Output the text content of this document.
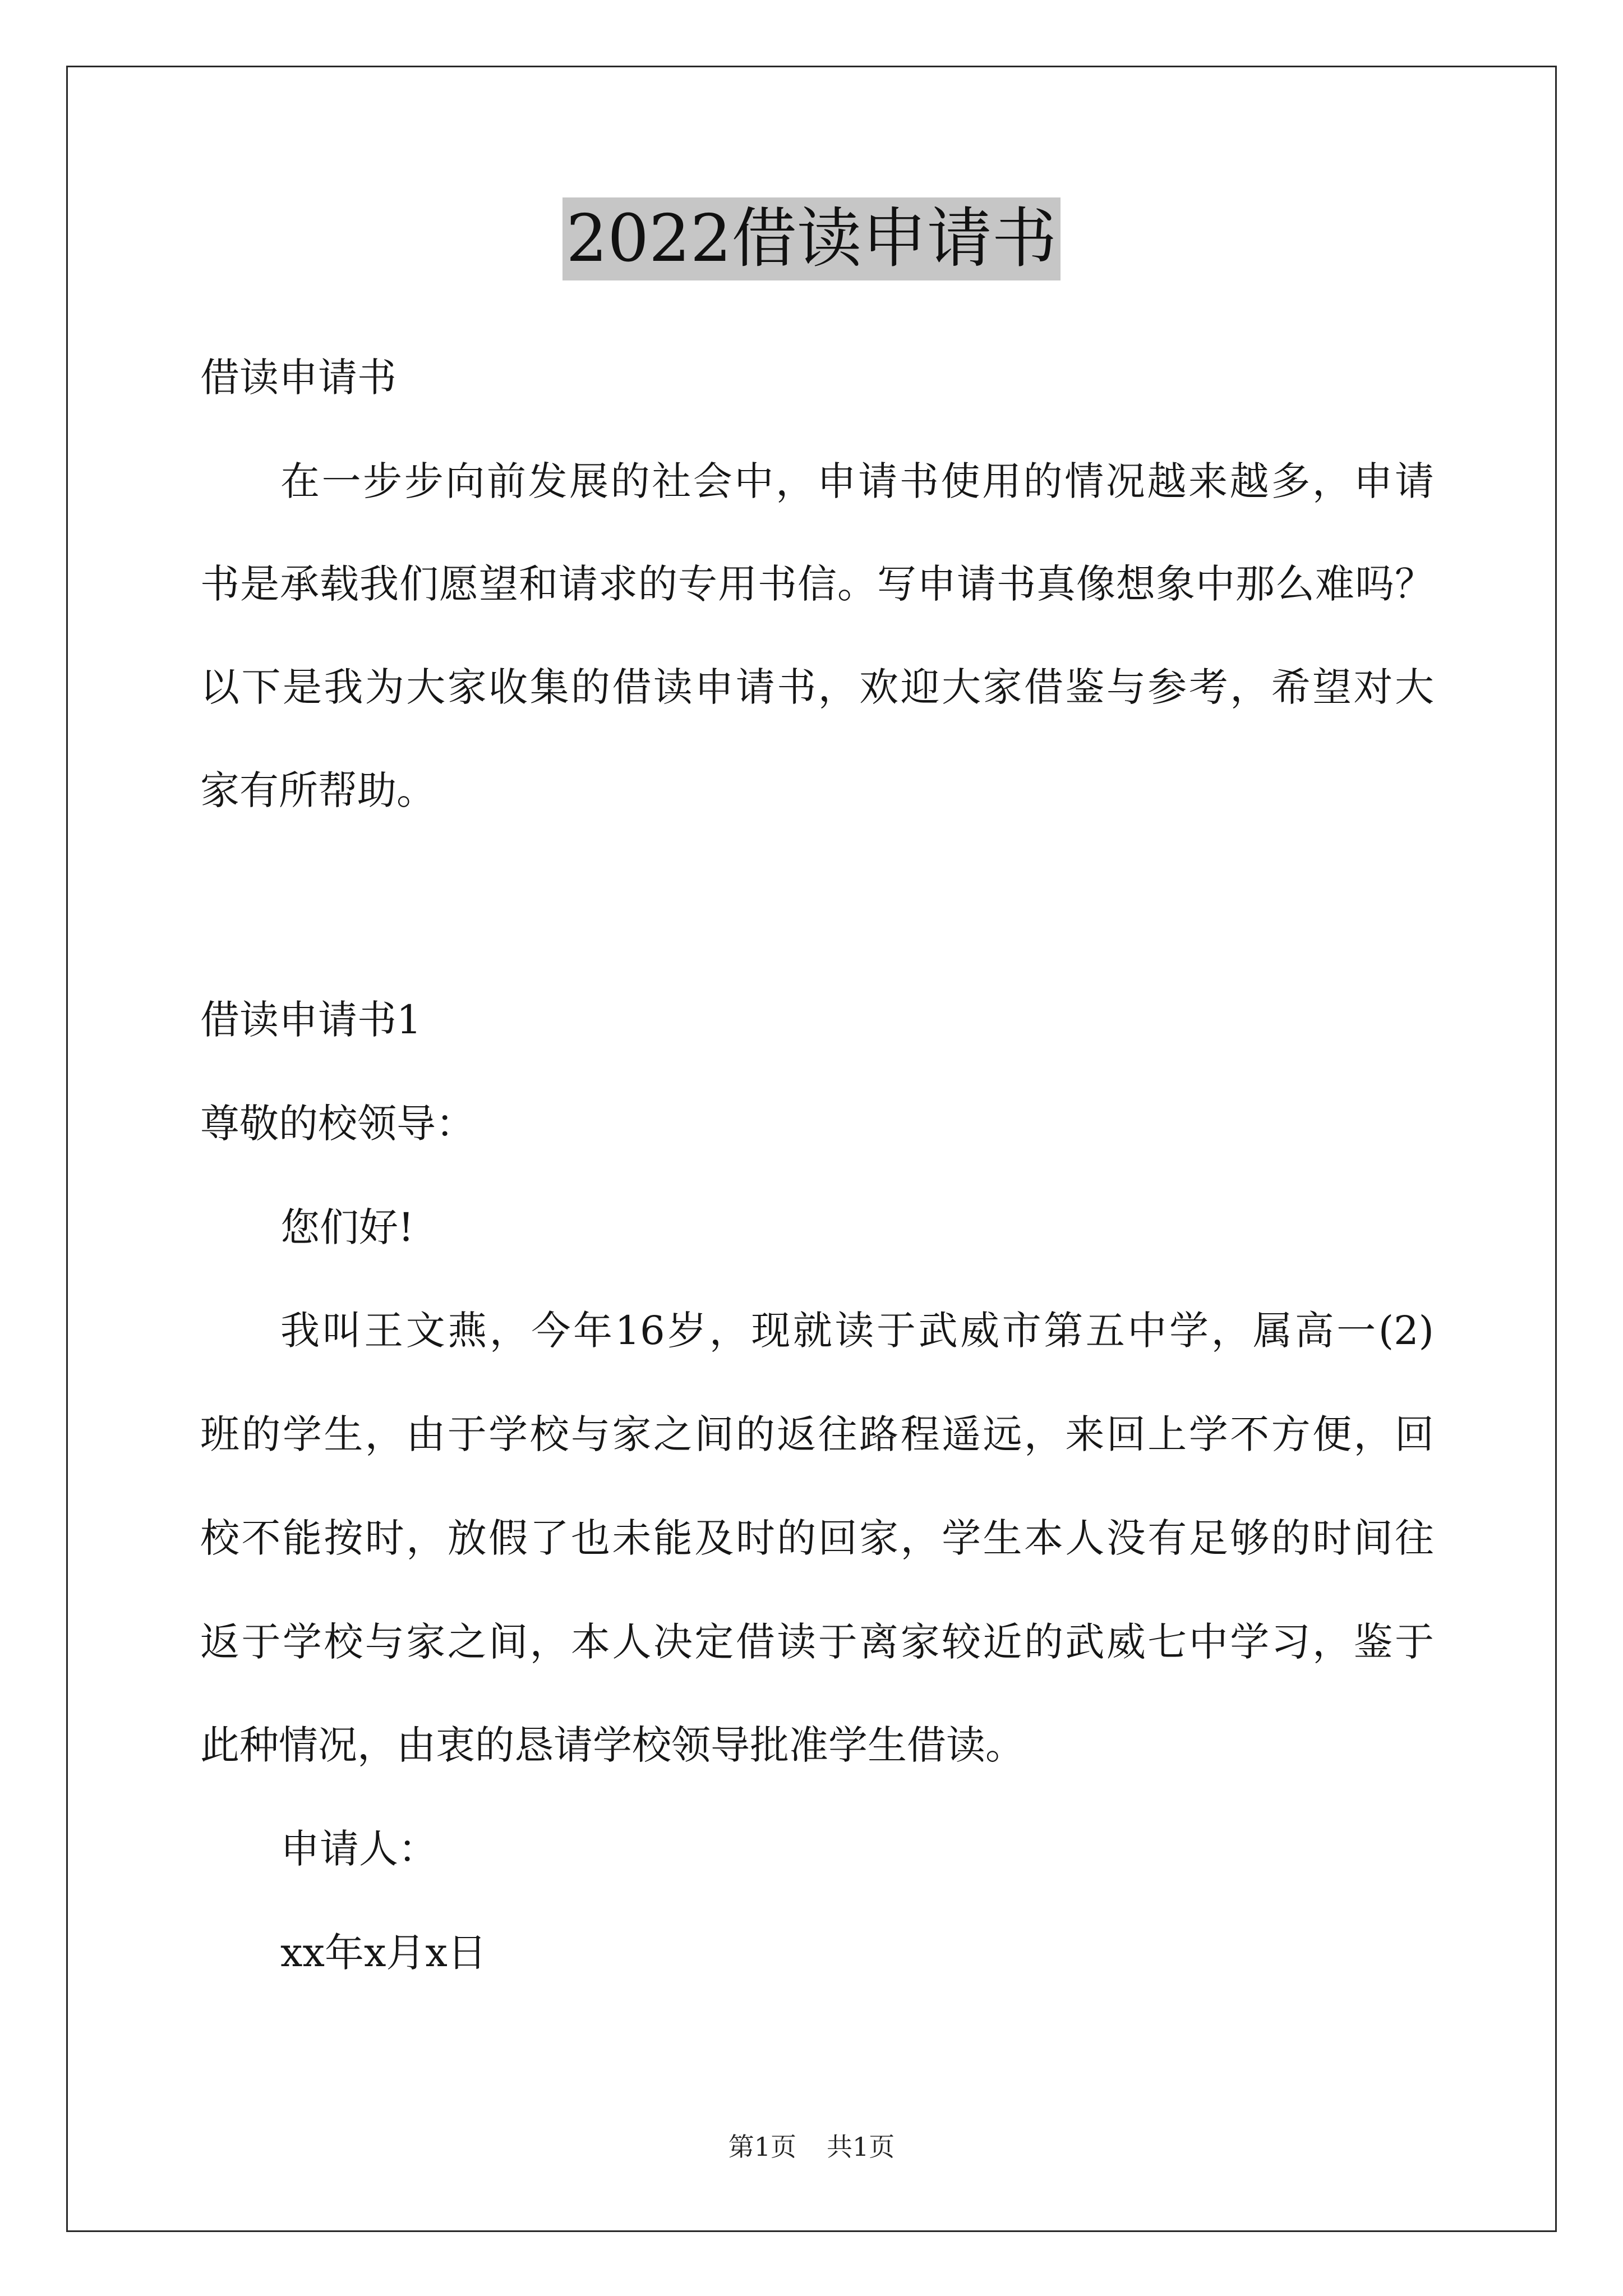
2022借读申请书
借读申请书
在一步步向前发展的社会中，申请书使用的情况越来越多，申请
书是承载我们愿望和请求的专用书信。写申请书真像想象中那么难吗？
以下是我为大家收集的借读申请书，欢迎大家借鉴与参考，希望对大
家有所帮助。
借读申请书1
尊敬的校领导：
您们好!
我叫王文燕，今年16岁，现就读于武威市第五中学，属高一(2)
班的学生，由于学校与家之间的返往路程遥远，来回上学不方便，回
校不能按时，放假了也未能及时的回家，学生本人没有足够的时间往
返于学校与家之间，本人决定借读于离家较近的武威七中学习，鉴于
此种情况，由衷的恳请学校领导批准学生借读。
申请人：
xx年x月x日
第1页 共1页
